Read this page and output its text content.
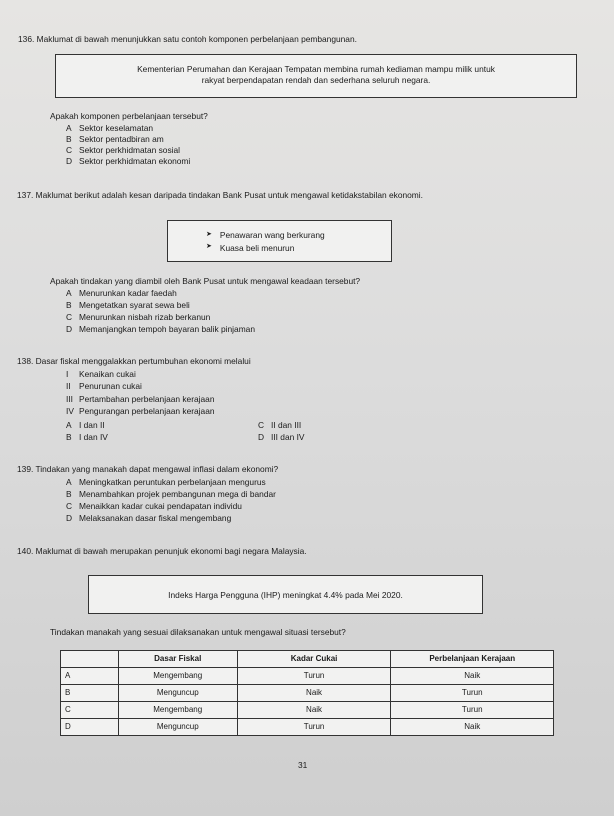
136. Maklumat di bawah menunjukkan satu contoh komponen perbelanjaan pembangunan.
Kementerian Perumahan dan Kerajaan Tempatan membina rumah kediaman mampu milik untuk
rakyat berpendapatan rendah dan sederhana seluruh negara.
Apakah komponen perbelanjaan tersebut?
A Sektor keselamatan
B Sektor pentadbiran am
C Sektor perkhidmatan sosial
D Sektor perkhidmatan ekonomi
137. Maklumat berikut adalah kesan daripada tindakan Bank Pusat untuk mengawal ketidakstabilan ekonomi.
➤ Penawaran wang berkurang
➤ Kuasa beli menurun
Apakah tindakan yang diambil oleh Bank Pusat untuk mengawal keadaan tersebut?
A Menurunkan kadar faedah
B Mengetatkan syarat sewa beli
C Menurunkan nisbah rizab berkanun
D Memanjangkan tempoh bayaran balik pinjaman
138. Dasar fiskal menggalakkan pertumbuhan ekonomi melalui
I Kenaikan cukai
II Penurunan cukai
III Pertambahan perbelanjaan kerajaan
IV Pengurangan perbelanjaan kerajaan
A I dan II
B I dan IV
C II dan III
D III dan IV
139. Tindakan yang manakah dapat mengawal inflasi dalam ekonomi?
A Meningkatkan peruntukan perbelanjaan mengurus
B Menambahkan projek pembangunan mega di bandar
C Menaikkan kadar cukai pendapatan individu
D Melaksanakan dasar fiskal mengembang
140. Maklumat di bawah merupakan penunjuk ekonomi bagi negara Malaysia.
Indeks Harga Pengguna (IHP) meningkat 4.4% pada Mei 2020.
Tindakan manakah yang sesuai dilaksanakan untuk mengawal situasi tersebut?
	Dasar Fiskal	Kadar Cukai	Perbelanjaan Kerajaan
A	Mengembang	Turun	Naik
B	Menguncup	Naik	Turun
C	Mengembang	Naik	Turun
D	Menguncup	Turun	Naik
31
